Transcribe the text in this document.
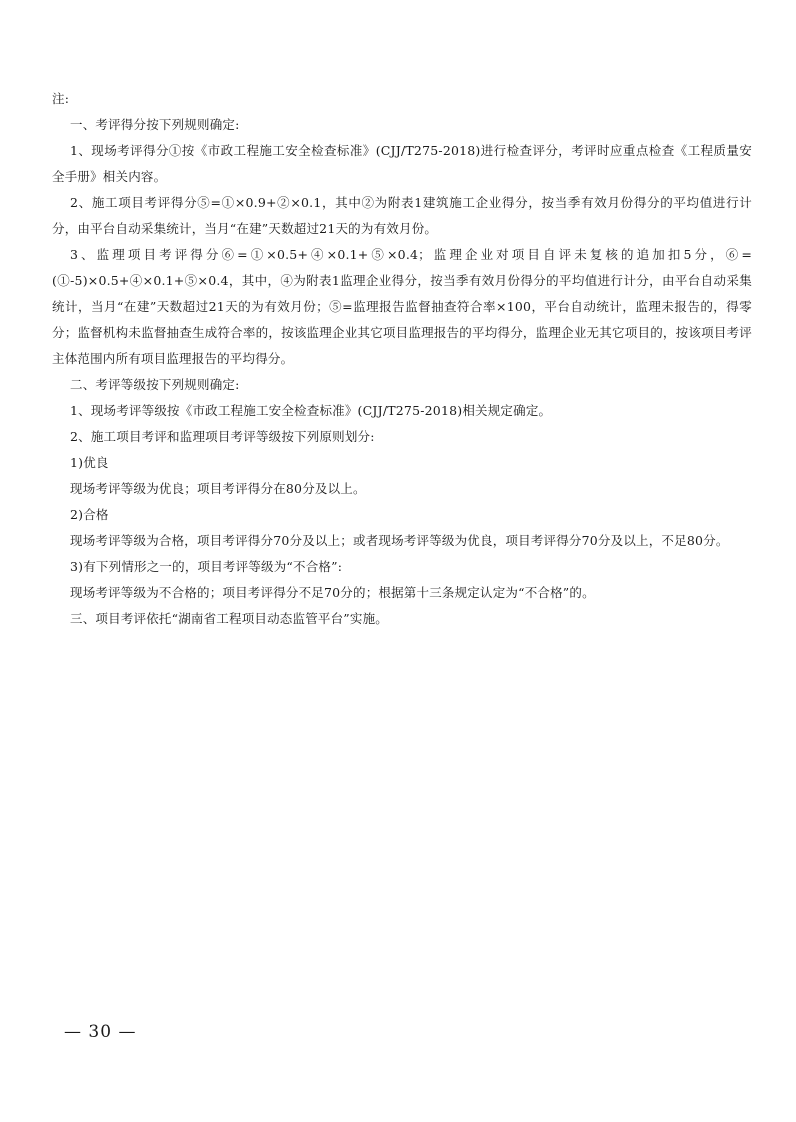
注:

一、考评得分按下列规则确定:

1、现场考评得分①按《市政工程施工安全检查标准》(CJJ/T275-2018)进行检查评分，考评时应重点检查《工程质量安全手册》相关内容。

2、施工项目考评得分⑤=①×0.9+②×0.1，其中②为附表1建筑施工企业得分，按当季有效月份得分的平均值进行计分，由平台自动采集统计，当月“在建”天数超过21天的为有效月份。

3、监理项目考评得分⑥=①×0.5+④×0.1+⑤×0.4；监理企业对项目自评未复核的追加扣5分，⑥=(①-5)×0.5+④×0.1+⑤×0.4，其中，④为附表1监理企业得分，按当季有效月份得分的平均值进行计分，由平台自动采集统计，当月“在建”天数超过21天的为有效月份；⑤=监理报告监督抽查符合率×100，平台自动统计，监理未报告的，得零分；监督机构未监督抽查生成符合率的，按该监理企业其它项目监理报告的平均得分，监理企业无其它项目的，按该项目考评主体范围内所有项目监理报告的平均得分。

二、考评等级按下列规则确定:

1、现场考评等级按《市政工程施工安全检查标准》(CJJ/T275-2018)相关规定确定。

2、施工项目考评和监理项目考评等级按下列原则划分:

1)优良

现场考评等级为优良；项目考评得分在80分及以上。

2)合格

现场考评等级为合格，项目考评得分70分及以上；或者现场考评等级为优良，项目考评得分70分及以上，不足80分。

3)有下列情形之一的，项目考评等级为“不合格”:

现场考评等级为不合格的；项目考评得分不足70分的；根据第十三条规定认定为“不合格”的。

三、项目考评依托“湖南省工程项目动态监管平台”实施。

— 30 —
